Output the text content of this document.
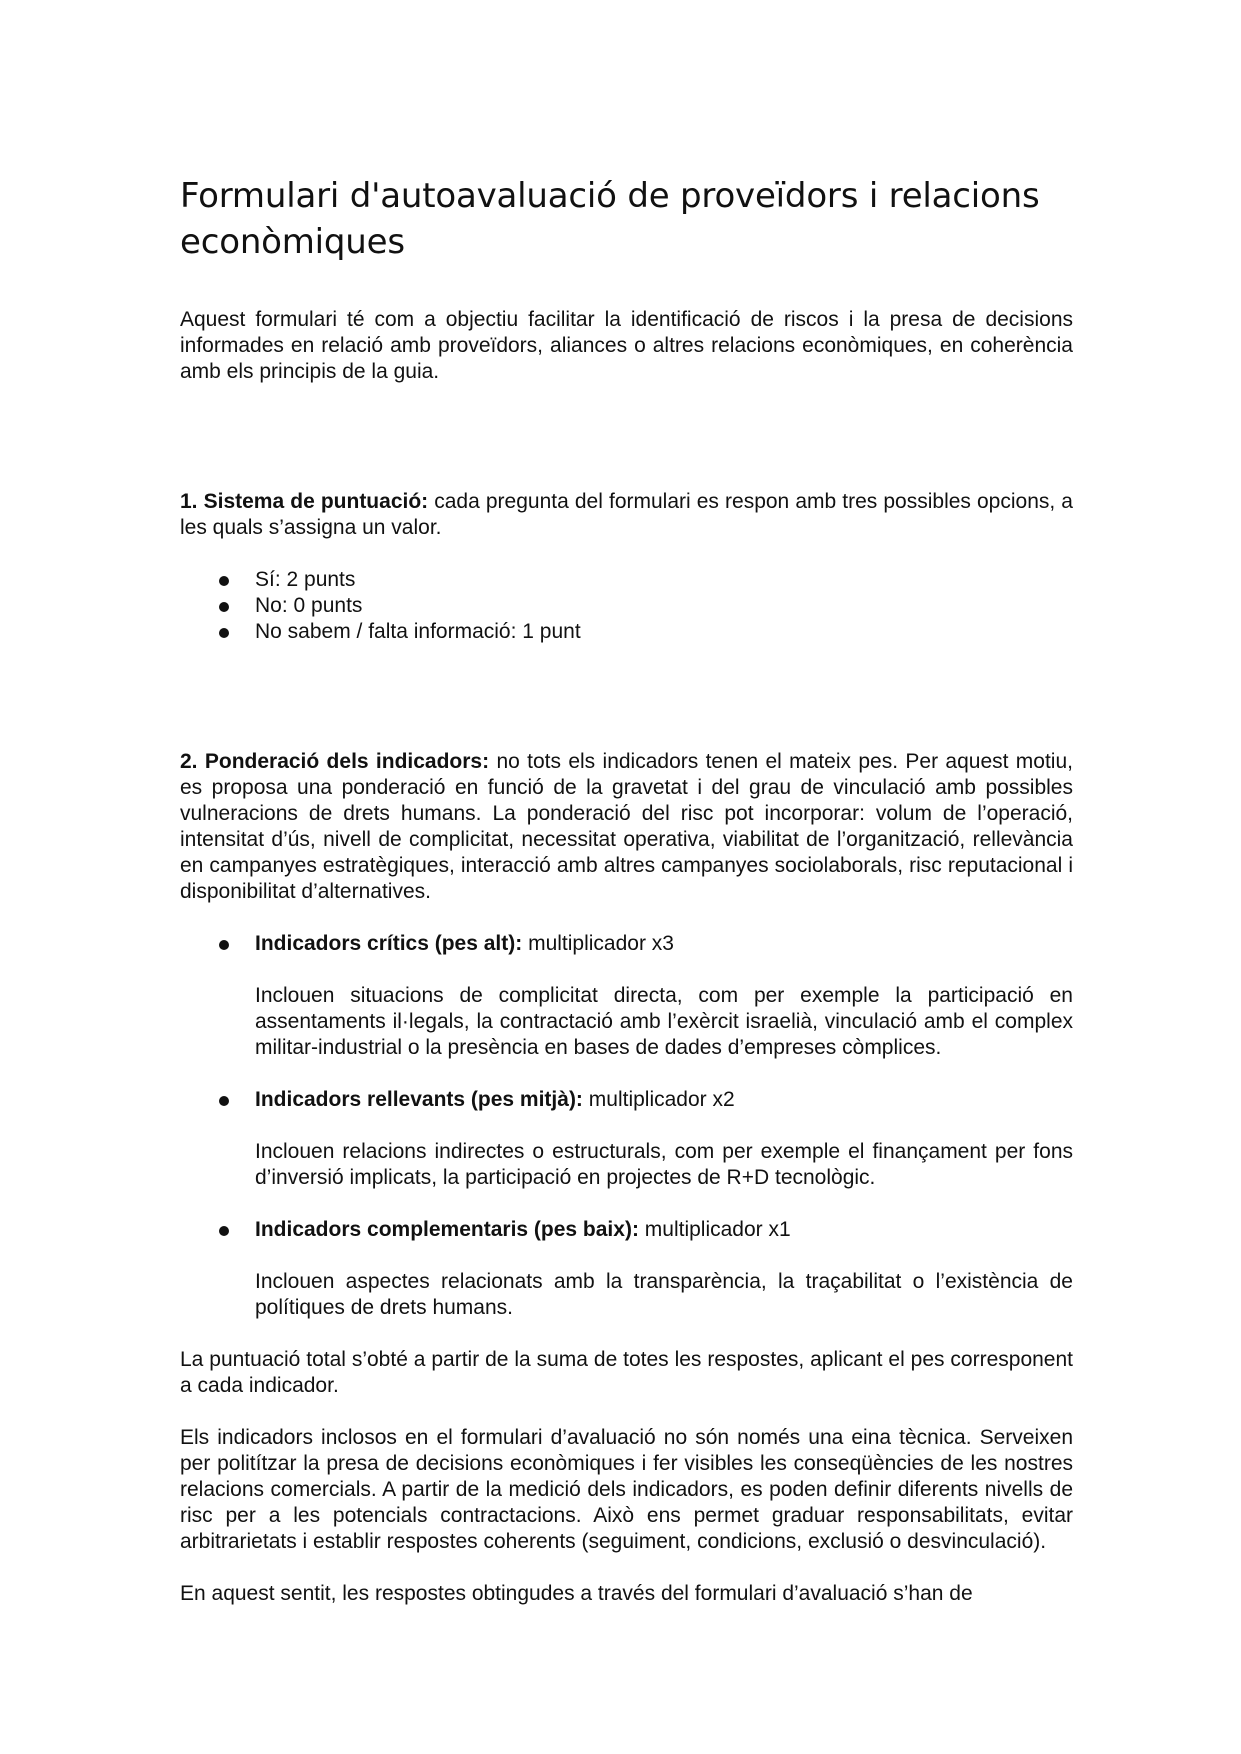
Formulari d'autoavaluació de proveïdors i relacions econòmiques

Aquest formulari té com a objectiu facilitar la identificació de riscos i la presa de decisions informades en relació amb proveïdors, aliances o altres relacions econòmiques, en coherència amb els principis de la guia.

1. Sistema de puntuació: cada pregunta del formulari es respon amb tres possibles opcions, a les quals s’assigna un valor.

Sí: 2 punts
No: 0 punts
No sabem / falta informació: 1 punt

2. Ponderació dels indicadors: no tots els indicadors tenen el mateix pes. Per aquest motiu, es proposa una ponderació en funció de la gravetat i del grau de vinculació amb possibles vulneracions de drets humans. La ponderació del risc pot incorporar: volum de l’operació, intensitat d’ús, nivell de complicitat, necessitat operativa, viabilitat de l’organització, rellevància en campanyes estratègiques, interacció amb altres campanyes sociolaborals, risc reputacional i disponibilitat d’alternatives.

Indicadors crítics (pes alt): multiplicador x3

Inclouen situacions de complicitat directa, com per exemple la participació en assentaments il·legals, la contractació amb l’exèrcit israelià, vinculació amb el complex militar-industrial o la presència en bases de dades d’empreses còmplices.

Indicadors rellevants (pes mitjà): multiplicador x2

Inclouen relacions indirectes o estructurals, com per exemple el finançament per fons d’inversió implicats, la participació en projectes de R+D tecnològic.

Indicadors complementaris (pes baix): multiplicador x1

Inclouen aspectes relacionats amb la transparència, la traçabilitat o l’existència de polítiques de drets humans.

La puntuació total s’obté a partir de la suma de totes les respostes, aplicant el pes corresponent a cada indicador.

Els indicadors inclosos en el formulari d’avaluació no són només una eina tècnica. Serveixen per politítzar la presa de decisions econòmiques i fer visibles les conseqüències de les nostres relacions comercials. A partir de la medició dels indicadors, es poden definir diferents nivells de risc per a les potencials contractacions. Això ens permet graduar responsabilitats, evitar arbitrarietats i establir respostes coherents (seguiment, condicions, exclusió o desvinculació).

En aquest sentit, les respostes obtingudes a través del formulari d’avaluació s’han de
